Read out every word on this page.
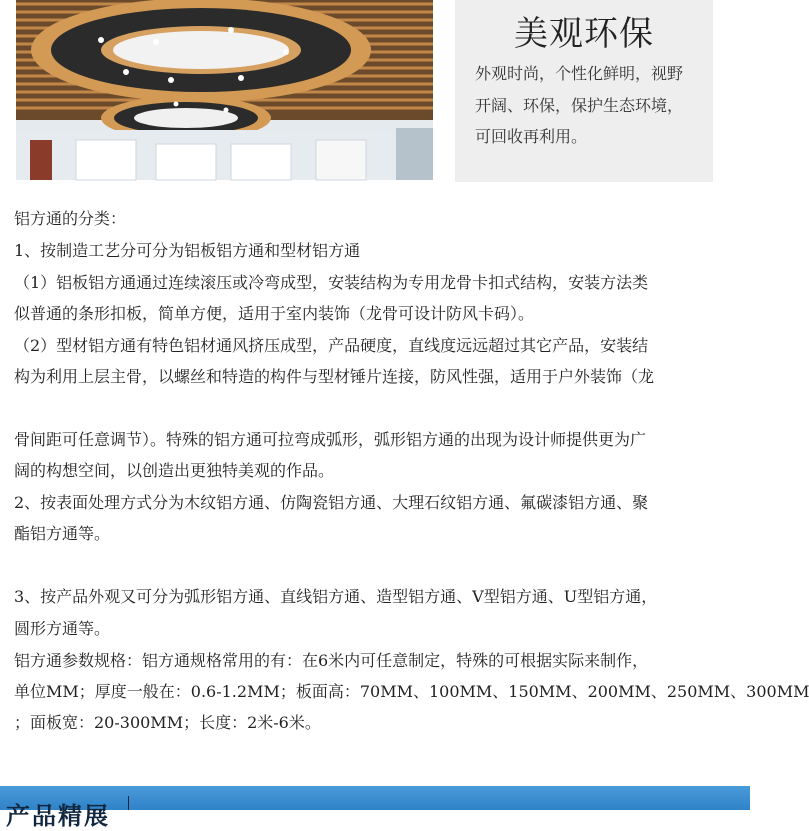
美观环保
外观时尚，个性化鲜明，视野
开阔、环保，保护生态环境，
可回收再利用。
铝方通的分类：
1、按制造工艺分可分为铝板铝方通和型材铝方通
（1）铝板铝方通通过连续滚压或冷弯成型，安装结构为专用龙骨卡扣式结构，安装方法类
似普通的条形扣板，简单方便，适用于室内装饰（龙骨可设计防风卡码）。
（2）型材铝方通有特色铝材通风挤压成型，产品硬度，直线度远远超过其它产品，安装结
构为利用上层主骨，以螺丝和特造的构件与型材锤片连接，防风性强，适用于户外装饰（龙
骨间距可任意调节）。特殊的铝方通可拉弯成弧形，弧形铝方通的出现为设计师提供更为广
阔的构想空间，以创造出更独特美观的作品。
2、按表面处理方式分为木纹铝方通、仿陶瓷铝方通、大理石纹铝方通、氟碳漆铝方通、聚
酯铝方通等。
3、按产品外观又可分为弧形铝方通、直线铝方通、造型铝方通、V型铝方通、U型铝方通，
圆形方通等。
铝方通参数规格：铝方通规格常用的有：在6米内可任意制定，特殊的可根据实际来制作，
单位MM；厚度一般在：0.6-1.2MM；板面高：70MM、100MM、150MM、200MM、250MM、300MM
；面板宽：20-300MM；长度：2米-6米。
产品精展
